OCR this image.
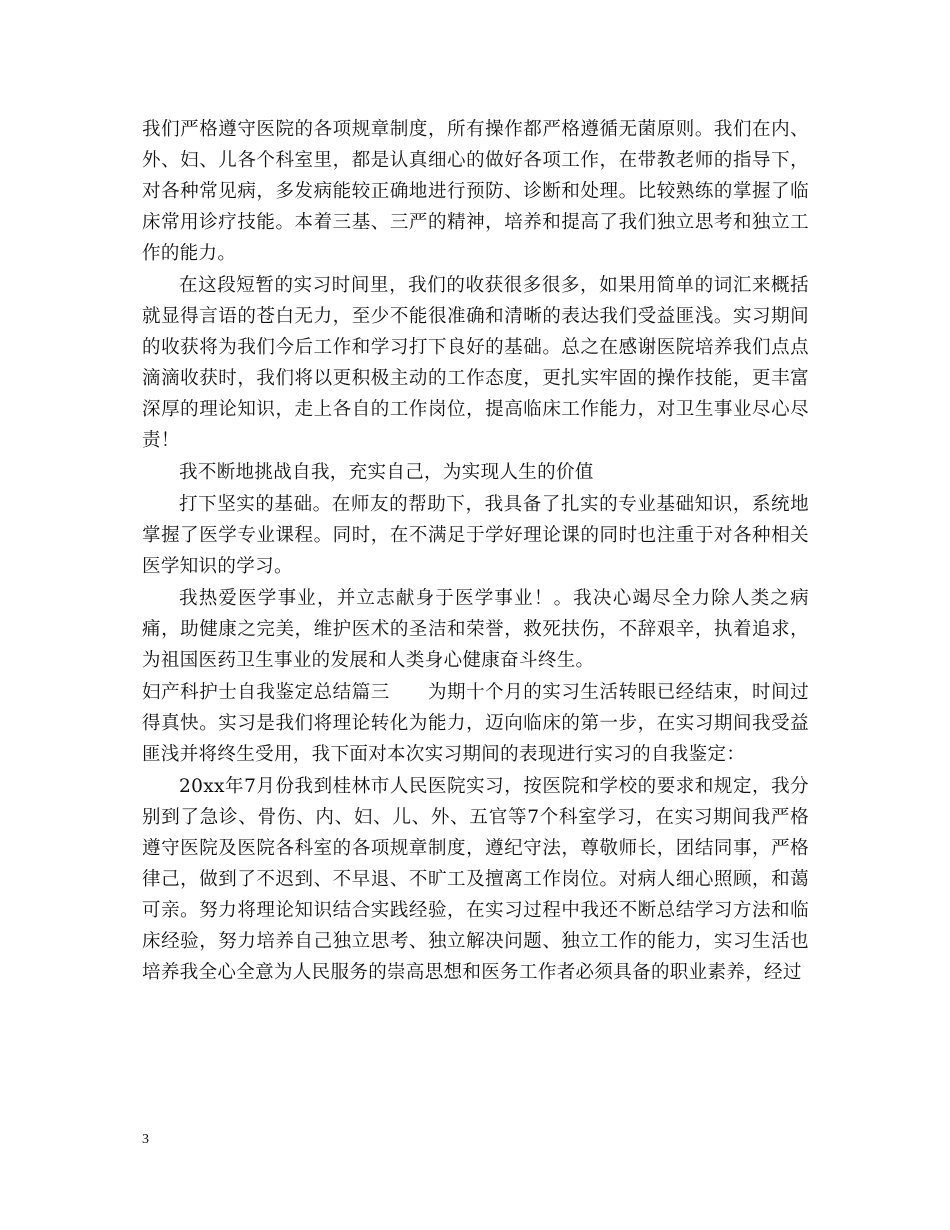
我们严格遵守医院的各项规章制度，所有操作都严格遵循无菌原则。我们在内、外、妇、儿各个科室里，都是认真细心的做好各项工作，在带教老师的指导下，对各种常见病，多发病能较正确地进行预防、诊断和处理。比较熟练的掌握了临床常用诊疗技能。本着三基、三严的精神，培养和提高了我们独立思考和独立工作的能力。

在这段短暂的实习时间里，我们的收获很多很多，如果用简单的词汇来概括就显得言语的苍白无力，至少不能很准确和清晰的表达我们受益匪浅。实习期间的收获将为我们今后工作和学习打下良好的基础。总之在感谢医院培养我们点点滴滴收获时，我们将以更积极主动的工作态度，更扎实牢固的操作技能，更丰富深厚的理论知识，走上各自的工作岗位，提高临床工作能力，对卫生事业尽心尽责！

我不断地挑战自我，充实自己，为实现人生的价值

打下坚实的基础。在师友的帮助下，我具备了扎实的专业基础知识，系统地掌握了医学专业课程。同时，在不满足于学好理论课的同时也注重于对各种相关医学知识的学习。

我热爱医学事业，并立志献身于医学事业！。我决心竭尽全力除人类之病痛，助健康之完美，维护医术的圣洁和荣誉，救死扶伤，不辞艰辛，执着追求，为祖国医药卫生事业的发展和人类身心健康奋斗终生。

妇产科护士自我鉴定总结篇三　　为期十个月的实习生活转眼已经结束，时间过得真快。实习是我们将理论转化为能力，迈向临床的第一步，在实习期间我受益匪浅并将终生受用，我下面对本次实习期间的表现进行实习的自我鉴定：

20xx年7月份我到桂林市人民医院实习，按医院和学校的要求和规定，我分别到了急诊、骨伤、内、妇、儿、外、五官等7个科室学习，在实习期间我严格遵守医院及医院各科室的各项规章制度，遵纪守法，尊敬师长，团结同事，严格律己，做到了不迟到、不早退、不旷工及擅离工作岗位。对病人细心照顾，和蔼可亲。努力将理论知识结合实践经验，在实习过程中我还不断总结学习方法和临床经验，努力培养自己独立思考、独立解决问题、独立工作的能力，实习生活也培养我全心全意为人民服务的崇高思想和医务工作者必须具备的职业素养，经过

3
